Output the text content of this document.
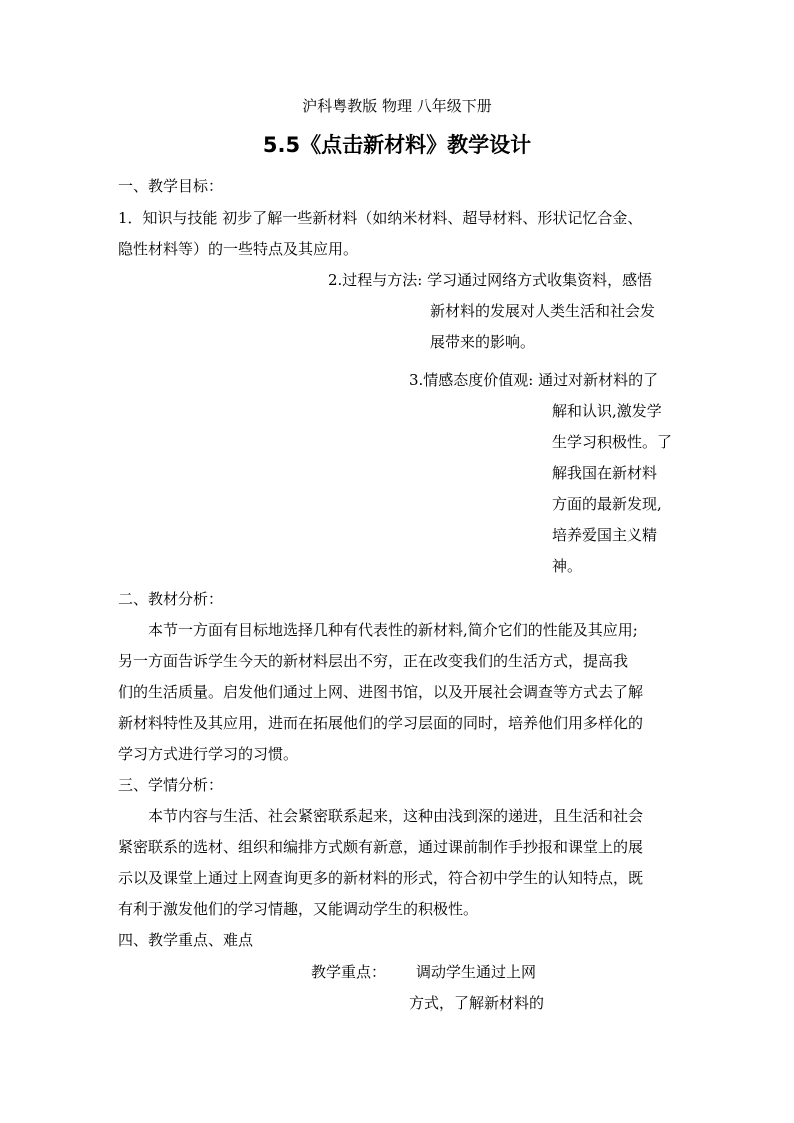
沪科粤教版 物理 八年级下册
5.5《点击新材料》教学设计
一、教学目标：
1．知识与技能 初步了解一些新材料（如纳米材料、超导材料、形状记忆合金、
隐性材料等）的一些特点及其应用。
2.过程与方法: 学习通过网络方式收集资料，感悟
新材料的发展对人类生活和社会发
展带来的影响。
3.情感态度价值观: 通过对新材料的了
解和认识,激发学
生学习积极性。了
解我国在新材料
方面的最新发现,
培养爱国主义精
神。
二、教材分析：
本节一方面有目标地选择几种有代表性的新材料,简介它们的性能及其应用;
另一方面告诉学生今天的新材料层出不穷，正在改变我们的生活方式，提高我
们的生活质量。启发他们通过上网、进图书馆，以及开展社会调查等方式去了解
新材料特性及其应用，进而在拓展他们的学习层面的同时，培养他们用多样化的
学习方式进行学习的习惯。
三、学情分析：
本节内容与生活、社会紧密联系起来，这种由浅到深的递进，且生活和社会
紧密联系的选材、组织和编排方式颇有新意，通过课前制作手抄报和课堂上的展
示以及课堂上通过上网查询更多的新材料的形式，符合初中学生的认知特点，既
有利于激发他们的学习情趣，又能调动学生的积极性。
四、教学重点、难点
教学重点： 调动学生通过上网
方式，了解新材料的
